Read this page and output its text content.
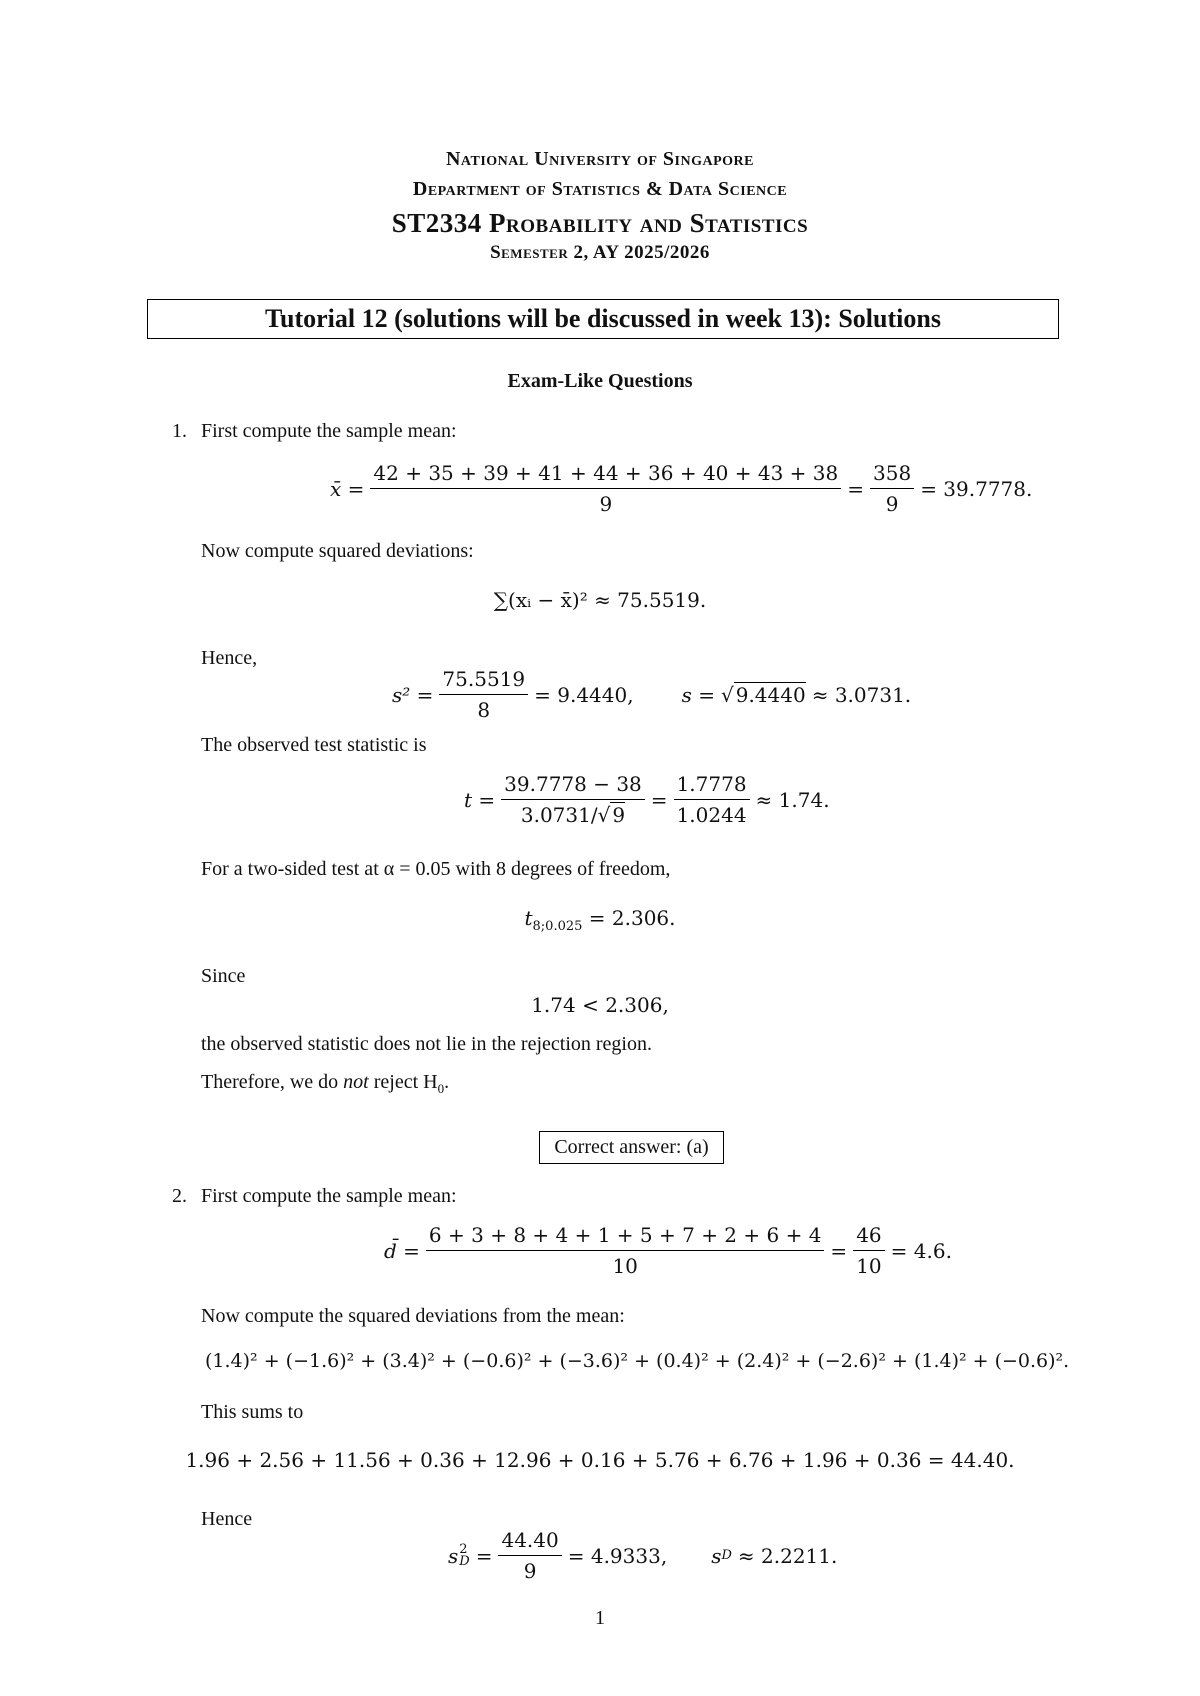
National University of Singapore
Department of Statistics & Data Science
ST2334 Probability and Statistics
Semester 2, AY 2025/2026
Tutorial 12 (solutions will be discussed in week 13): Solutions
Exam-Like Questions
1. First compute the sample mean:
x̄ = $\frac{42 + 35 + 39 + 41 + 44 + 36 + 40 + 43 + 38}{9} = \frac{358}{9} = 39.7778$.
Now compute squared deviations:
∑(xᵢ − x̄)² ≈ 75.5519.
Hence,
$s^2 = \frac{75.5519}{8} = 9.4440$, s = √ 9.4440 ≈ 3.0731.
The observed test statistic is
$t = \frac{39.7778 - 38}{3.0731/√ 9} = \frac{1.7778}{1.0244} \approx 1.74$.
For a two-sided test at α = 0.05 with 8 degrees of freedom,
$t_{8;0.025} = 2.306$.
Since
1.74 < 2.306,
the observed statistic does not lie in the rejection region.
Therefore, we do not reject $H_0$.
Correct answer: (a)
2. First compute the sample mean:
d̄ = $\frac{6 + 3 + 8 + 4 + 1 + 5 + 7 + 2 + 6 + 4}{10} = \frac{46}{10} = 4.6$.
Now compute the squared deviations from the mean:
(1.4)² + (−1.6)² + (3.4)² + (−0.6)² + (−3.6)² + (0.4)² + (2.4)² + (−2.6)² + (1.4)² + (−0.6)².
This sums to
1.96 + 2.56 + 11.56 + 0.36 + 12.96 + 0.16 + 5.76 + 6.76 + 1.96 + 0.36 = 44.40.
Hence
s 2
$D = \frac{44.40}{9} = 4.9333$, s D ≈ 2.2211.
1
